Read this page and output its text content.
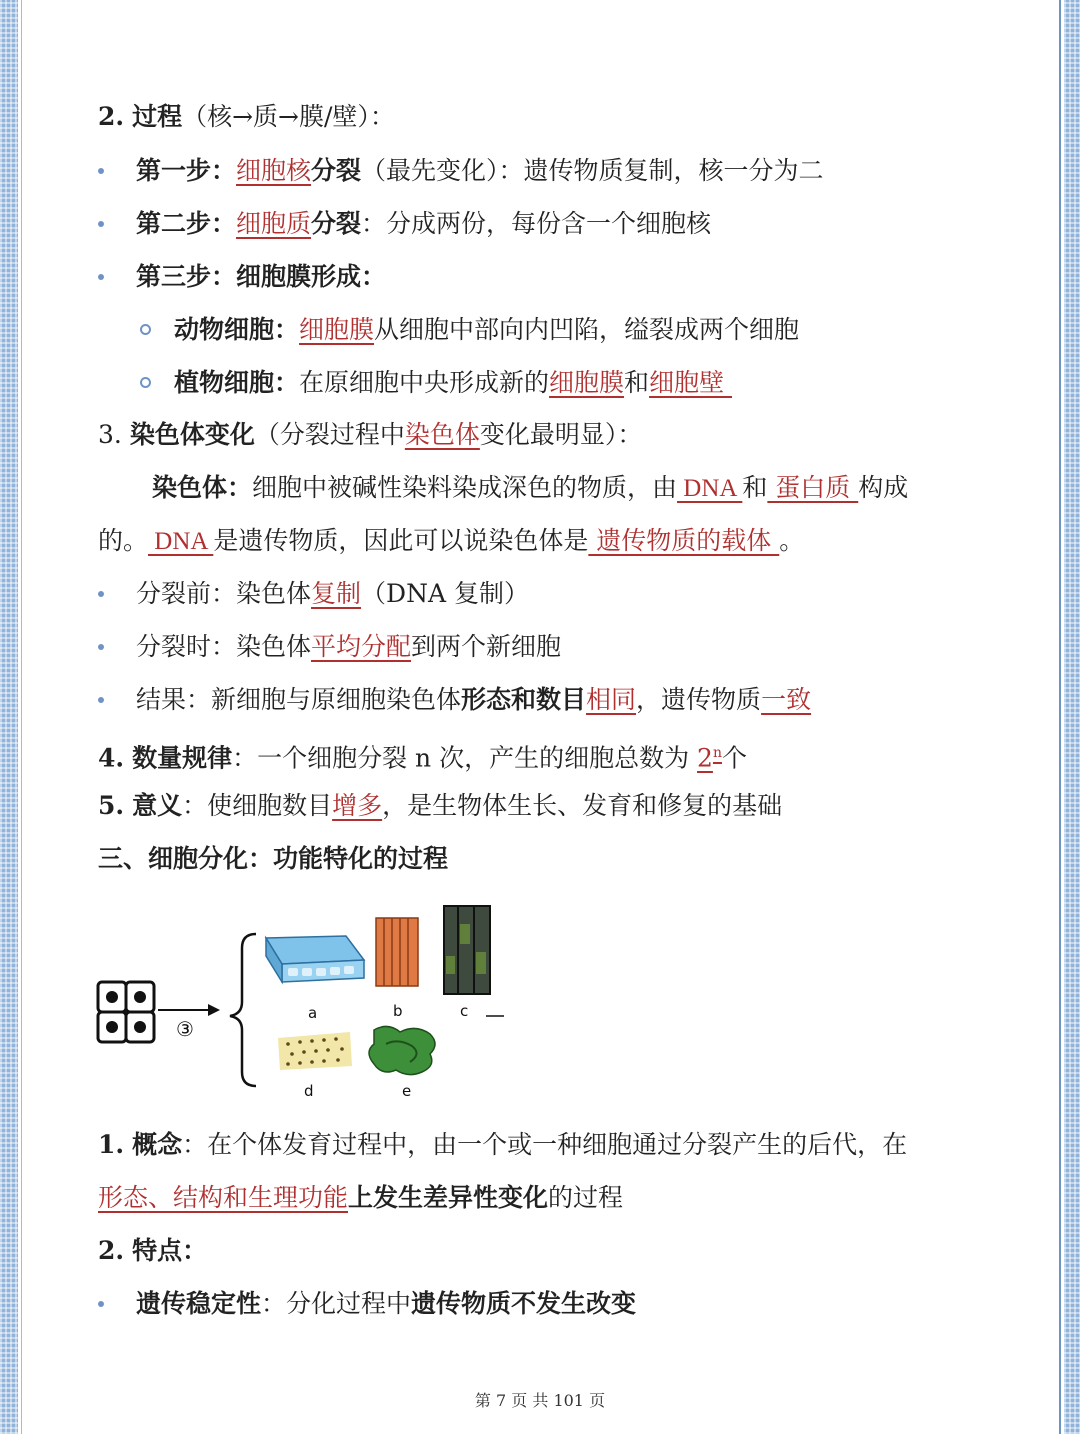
2. 过程（核→质→膜/壁）：
第一步：细胞核分裂（最先变化）：遗传物质复制，核一分为二
第二步：细胞质分裂：分成两份，每份含一个细胞核
第三步：细胞膜形成：
动物细胞：细胞膜从细胞中部向内凹陷，缢裂成两个细胞
植物细胞：在原细胞中央形成新的细胞膜和细胞壁
3. 染色体变化（分裂过程中染色体变化最明显）：
染色体：细胞中被碱性染料染成深色的物质，由 DNA 和 蛋白质 构成
的。 DNA 是遗传物质，因此可以说染色体是 遗传物质的载体 。
分裂前：染色体复制（DNA 复制）
分裂时：染色体平均分配到两个新细胞
结果：新细胞与原细胞染色体形态和数目相同，遗传物质一致
4. 数量规律：一个细胞分裂 n 次，产生的细胞总数为 2$^n$个
5. 意义：使细胞数目增多，是生物体生长、发育和修复的基础
三、细胞分化：功能特化的过程
③
a	b	c
d	e
1. 概念：在个体发育过程中，由一个或一种细胞通过分裂产生的后代，在
形态、结构和生理功能上发生差异性变化的过程
2. 特点：
遗传稳定性：分化过程中遗传物质不发生改变
第 7 页 共 101 页
